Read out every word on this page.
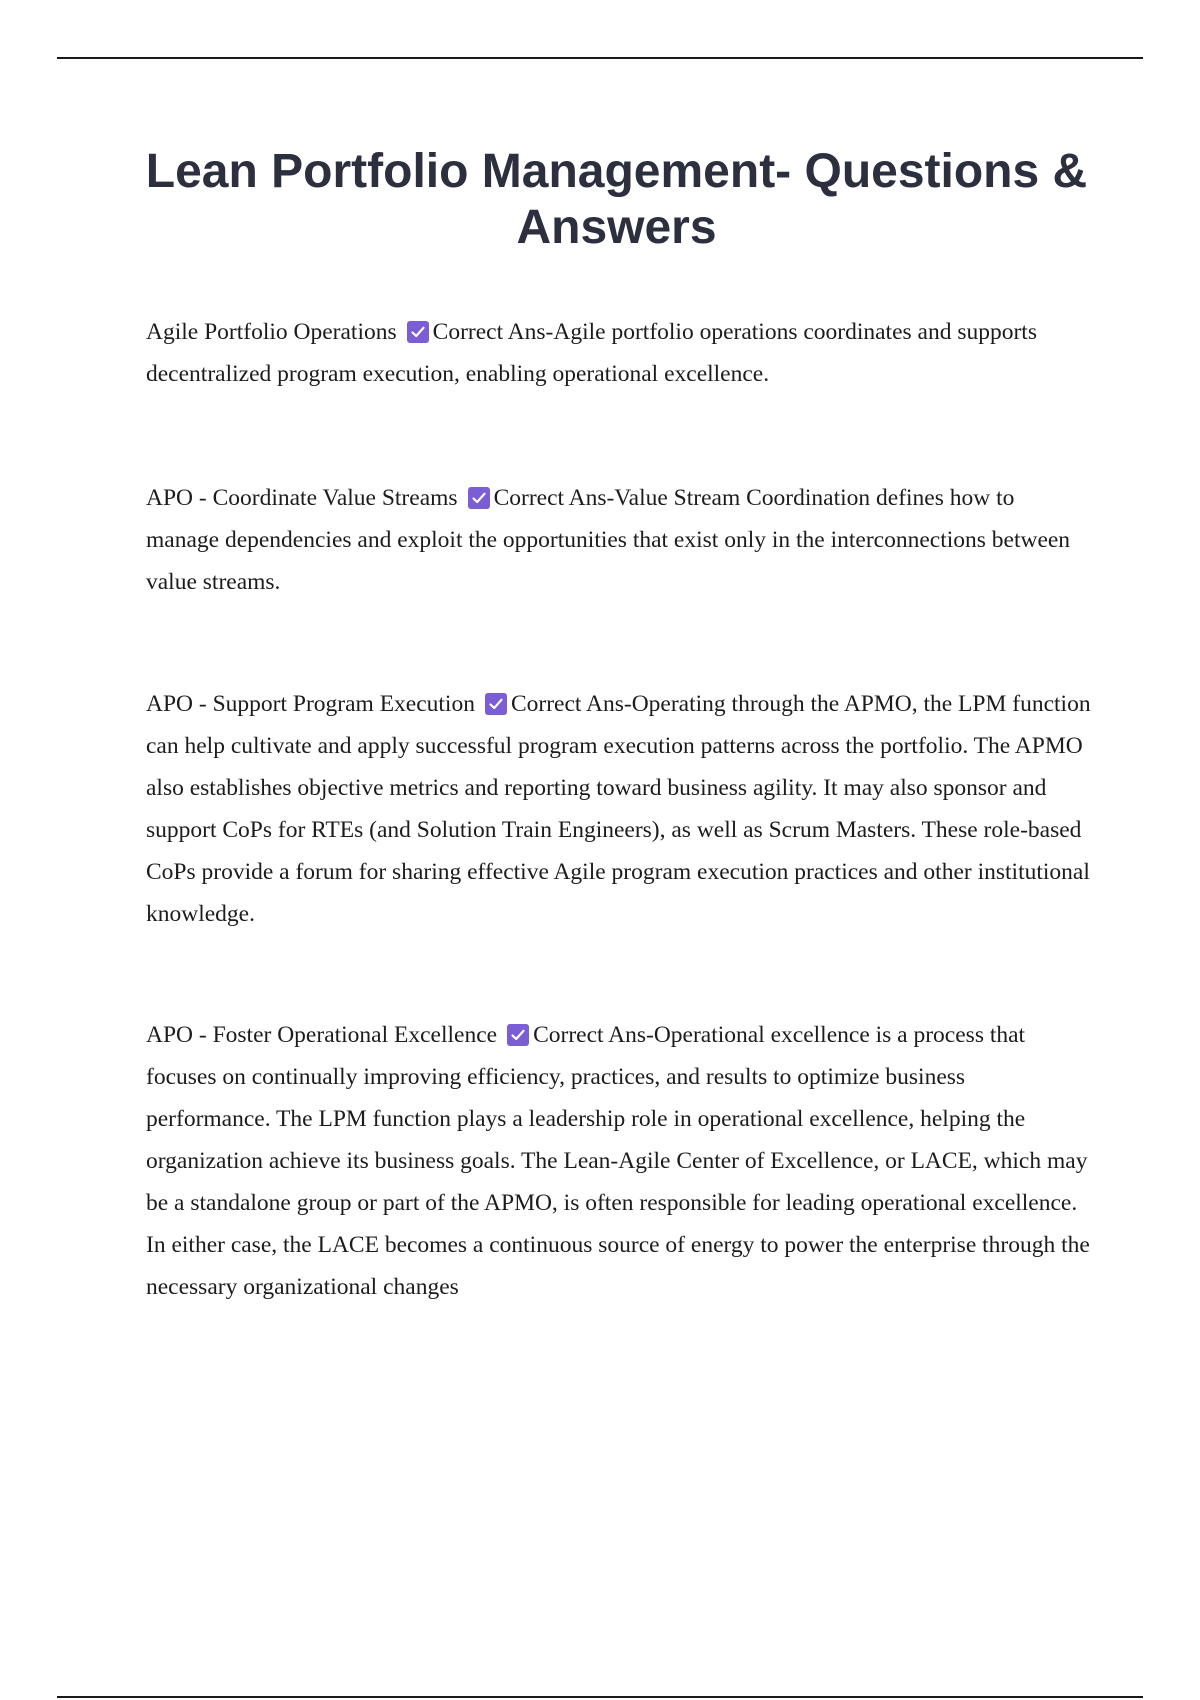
Lean Portfolio Management- Questions & Answers

Agile Portfolio Operations Correct Ans-Agile portfolio operations coordinates and supports decentralized program execution, enabling operational excellence.

APO - Coordinate Value Streams Correct Ans-Value Stream Coordination defines how to manage dependencies and exploit the opportunities that exist only in the interconnections between value streams.

APO - Support Program Execution Correct Ans-Operating through the APMO, the LPM function can help cultivate and apply successful program execution patterns across the portfolio. The APMO also establishes objective metrics and reporting toward business agility. It may also sponsor and support CoPs for RTEs (and Solution Train Engineers), as well as Scrum Masters. These role-based CoPs provide a forum for sharing effective Agile program execution practices and other institutional knowledge.

APO - Foster Operational Excellence Correct Ans-Operational excellence is a process that focuses on continually improving efficiency, practices, and results to optimize business performance. The LPM function plays a leadership role in operational excellence, helping the organization achieve its business goals. The Lean-Agile Center of Excellence, or LACE, which may be a standalone group or part of the APMO, is often responsible for leading operational excellence. In either case, the LACE becomes a continuous source of energy to power the enterprise through the necessary organizational changes
